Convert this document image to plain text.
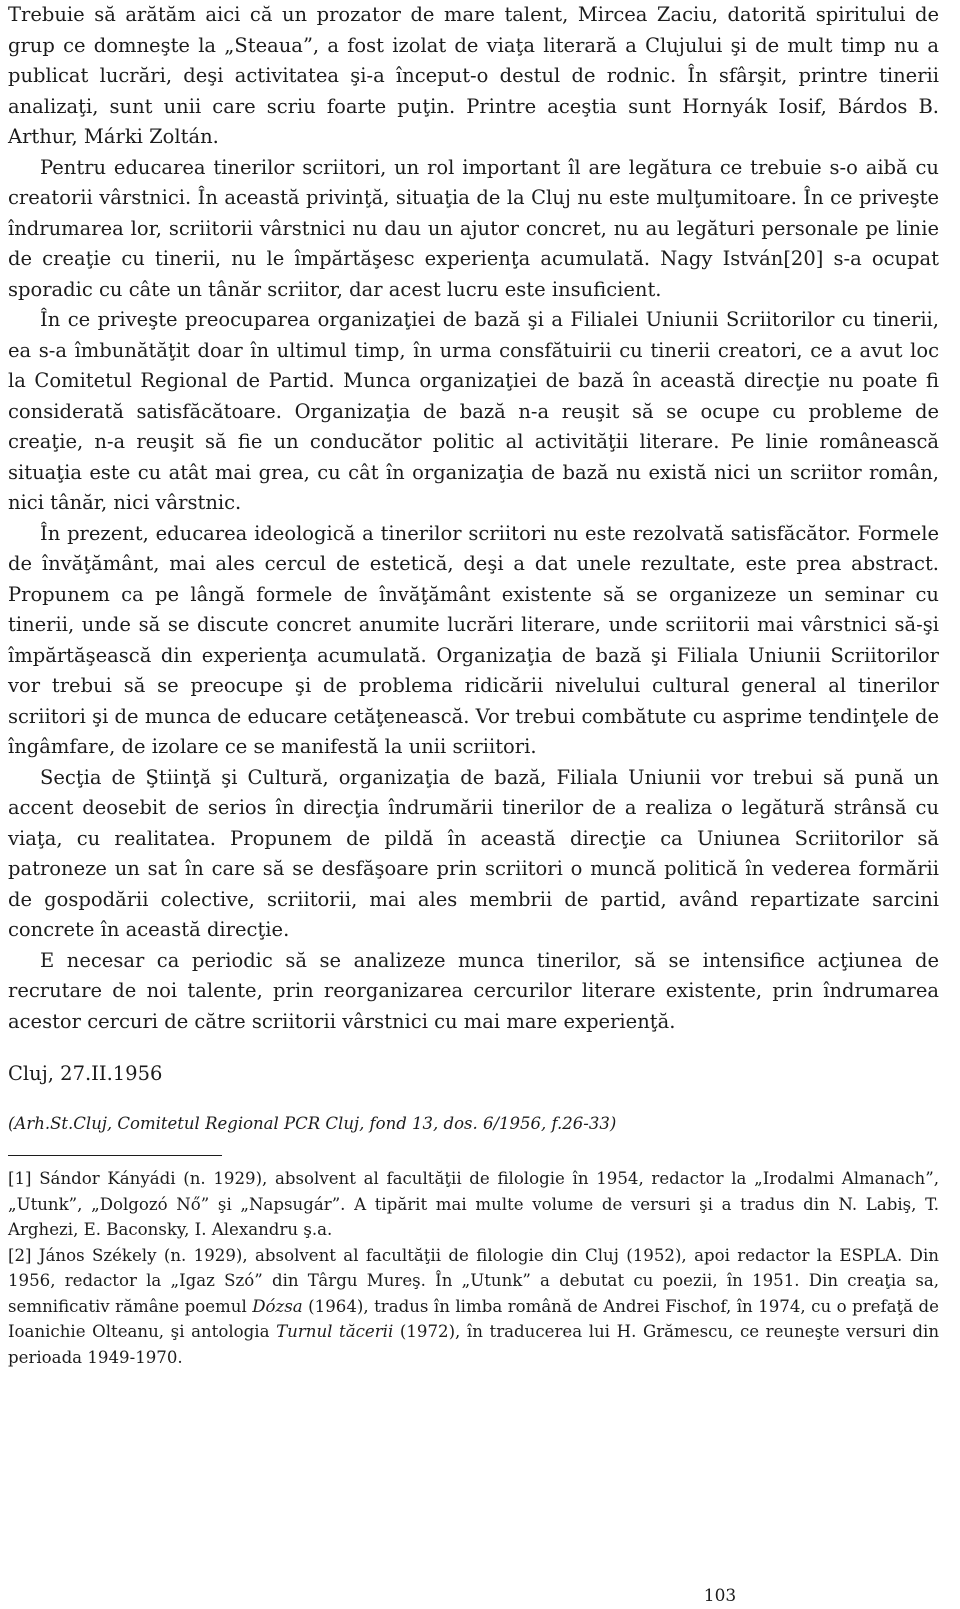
Trebuie să arătăm aici că un prozator de mare talent, Mircea Zaciu, datorită spiritului de grup ce domneşte la „Steaua”, a fost izolat de viaţa literară a Clujului şi de mult timp nu a publicat lucrări, deşi activitatea şi-a început-o destul de rodnic. În sfârşit, printre tinerii analizaţi, sunt unii care scriu foarte puţin. Printre aceştia sunt Hornyák Iosif, Bárdos B. Arthur, Márki Zoltán.

Pentru educarea tinerilor scriitori, un rol important îl are legătura ce trebuie s-o aibă cu creatorii vârstnici. În această privinţă, situaţia de la Cluj nu este mulţumitoare. În ce priveşte îndrumarea lor, scriitorii vârstnici nu dau un ajutor concret, nu au legături personale pe linie de creaţie cu tinerii, nu le împărtăşesc experienţa acumulată. Nagy István[20] s-a ocupat sporadic cu câte un tânăr scriitor, dar acest lucru este insuficient.

În ce priveşte preocuparea organizaţiei de bază şi a Filialei Uniunii Scriitorilor cu tinerii, ea s-a îmbunătăţit doar în ultimul timp, în urma consfătuirii cu tinerii creatori, ce a avut loc la Comitetul Regional de Partid. Munca organizaţiei de bază în această direcţie nu poate fi considerată satisfăcătoare. Organizaţia de bază n-a reuşit să se ocupe cu probleme de creaţie, n-a reuşit să fie un conducător politic al activităţii literare. Pe linie românească situaţia este cu atât mai grea, cu cât în organizaţia de bază nu există nici un scriitor român, nici tânăr, nici vârstnic.

În prezent, educarea ideologică a tinerilor scriitori nu este rezolvată satisfăcător. Formele de învăţământ, mai ales cercul de estetică, deşi a dat unele rezultate, este prea abstract. Propunem ca pe lângă formele de învăţământ existente să se organizeze un seminar cu tinerii, unde să se discute concret anumite lucrări literare, unde scriitorii mai vârstnici să-şi împărtăşească din experienţa acumulată. Organizaţia de bază şi Filiala Uniunii Scriitorilor vor trebui să se preocupe şi de problema ridicării nivelului cultural general al tinerilor scriitori şi de munca de educare cetăţenească. Vor trebui combătute cu asprime tendinţele de îngâmfare, de izolare ce se manifestă la unii scriitori.

Secţia de Ştiinţă şi Cultură, organizaţia de bază, Filiala Uniunii vor trebui să pună un accent deosebit de serios în direcţia îndrumării tinerilor de a realiza o legătură strânsă cu viaţa, cu realitatea. Propunem de pildă în această direcţie ca Uniunea Scriitorilor să patroneze un sat în care să se desfăşoare prin scriitori o muncă politică în vederea formării de gospodării colective, scriitorii, mai ales membrii de partid, având repartizate sarcini concrete în această direcţie.

E necesar ca periodic să se analizeze munca tinerilor, să se intensifice acţiunea de recrutare de noi talente, prin reorganizarea cercurilor literare existente, prin îndrumarea acestor cercuri de către scriitorii vârstnici cu mai mare experienţă.

Cluj, 27.II.1956

(Arh.St.Cluj, Comitetul Regional PCR Cluj, fond 13, dos. 6/1956, f.26-33)

[1] Sándor Kányádi (n. 1929), absolvent al facultăţii de filologie în 1954, redactor la „Irodalmi Almanach”, „Utunk”, „Dolgozó Nő” şi „Napsugár”. A tipărit mai multe volume de versuri şi a tradus din N. Labiş, T. Arghezi, E. Baconsky, I. Alexandru ş.a.

[2] János Székely (n. 1929), absolvent al facultăţii de filologie din Cluj (1952), apoi redactor la ESPLA. Din 1956, redactor la „Igaz Szó” din Târgu Mureş. În „Utunk” a debutat cu poezii, în 1951. Din creaţia sa, semnificativ rămâne poemul Dózsa (1964), tradus în limba română de Andrei Fischof, în 1974, cu o prefaţă de Ioanichie Olteanu, şi antologia Turnul tăcerii (1972), în traducerea lui H. Grămescu, ce reuneşte versuri din perioada 1949-1970.

103
